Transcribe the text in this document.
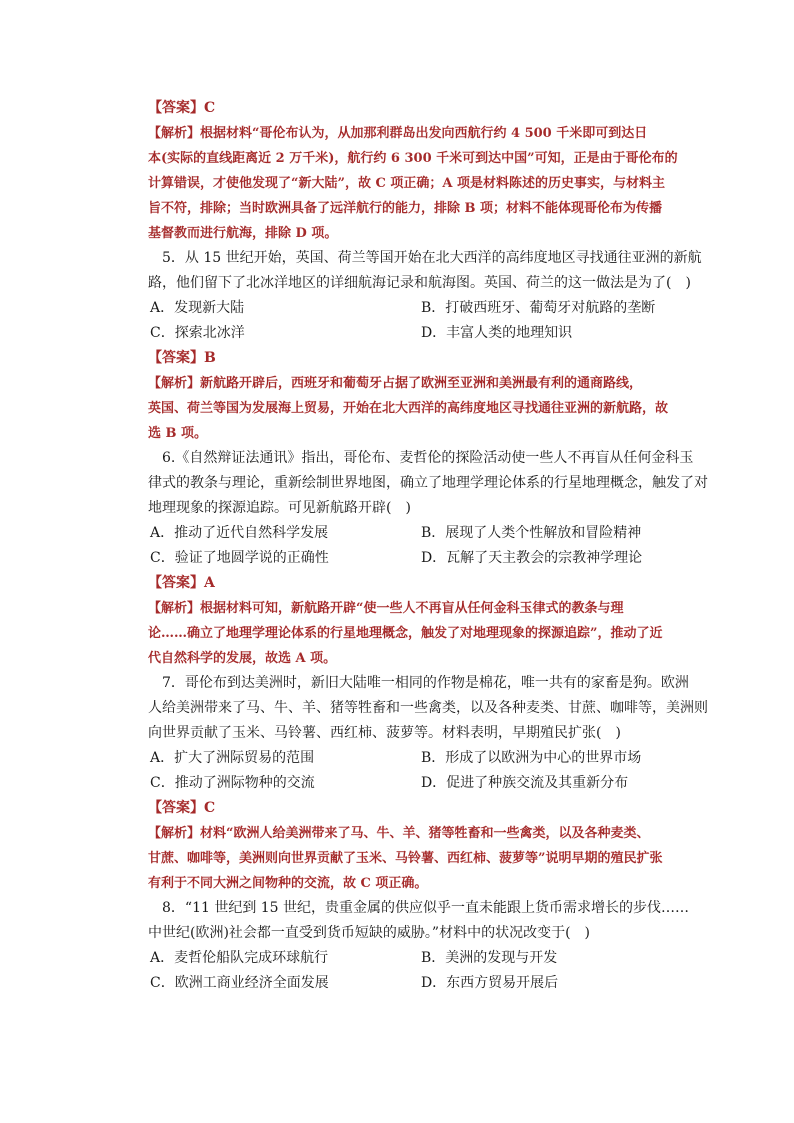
【答案】C
【解析】根据材料“哥伦布认为，从加那利群岛出发向西航行约 4 500 千米即可到达日
本(实际的直线距离近 2 万千米)，航行约 6 300 千米可到达中国”可知，正是由于哥伦布的
计算错误，才使他发现了“新大陆”，故 C 项正确；A 项是材料陈述的历史事实，与材料主
旨不符，排除；当时欧洲具备了远洋航行的能力，排除 B 项；材料不能体现哥伦布为传播
基督教而进行航海，排除 D 项。
5．从 15 世纪开始，英国、荷兰等国开始在北大西洋的高纬度地区寻找通往亚洲的新航
路，他们留下了北冰洋地区的详细航海记录和航海图。英国、荷兰的这一做法是为了(　)
A．发现新大陆	B．打破西班牙、葡萄牙对航路的垄断
C．探索北冰洋	D．丰富人类的地理知识
【答案】B
【解析】新航路开辟后，西班牙和葡萄牙占据了欧洲至亚洲和美洲最有利的通商路线，
英国、荷兰等国为发展海上贸易，开始在北大西洋的高纬度地区寻找通往亚洲的新航路，故
选 B 项。
6.《自然辩证法通讯》指出，哥伦布、麦哲伦的探险活动使一些人不再盲从任何金科玉
律式的教条与理论，重新绘制世界地图，确立了地理学理论体系的行星地理概念，触发了对
地理现象的探源追踪。可见新航路开辟(　)
A．推动了近代自然科学发展	B．展现了人类个性解放和冒险精神
C．验证了地圆学说的正确性	D．瓦解了天主教会的宗教神学理论
【答案】A
【解析】根据材料可知，新航路开辟“使一些人不再盲从任何金科玉律式的教条与理
论……确立了地理学理论体系的行星地理概念，触发了对地理现象的探源追踪”，推动了近
代自然科学的发展，故选 A 项。
7．哥伦布到达美洲时，新旧大陆唯一相同的作物是棉花，唯一共有的家畜是狗。欧洲
人给美洲带来了马、牛、羊、猪等牲畜和一些禽类，以及各种麦类、甘蔗、咖啡等，美洲则
向世界贡献了玉米、马铃薯、西红柿、菠萝等。材料表明，早期殖民扩张(　)
A．扩大了洲际贸易的范围	B．形成了以欧洲为中心的世界市场
C．推动了洲际物种的交流	D．促进了种族交流及其重新分布
【答案】C
【解析】材料“欧洲人给美洲带来了马、牛、羊、猪等牲畜和一些禽类，以及各种麦类、
甘蔗、咖啡等，美洲则向世界贡献了玉米、马铃薯、西红柿、菠萝等”说明早期的殖民扩张
有利于不同大洲之间物种的交流，故 C 项正确。
8．“11 世纪到 15 世纪，贵重金属的供应似乎一直未能跟上货币需求增长的步伐……
中世纪(欧洲)社会都一直受到货币短缺的威胁。”材料中的状况改变于(　)
A．麦哲伦船队完成环球航行	B．美洲的发现与开发
C．欧洲工商业经济全面发展	D．东西方贸易开展后
